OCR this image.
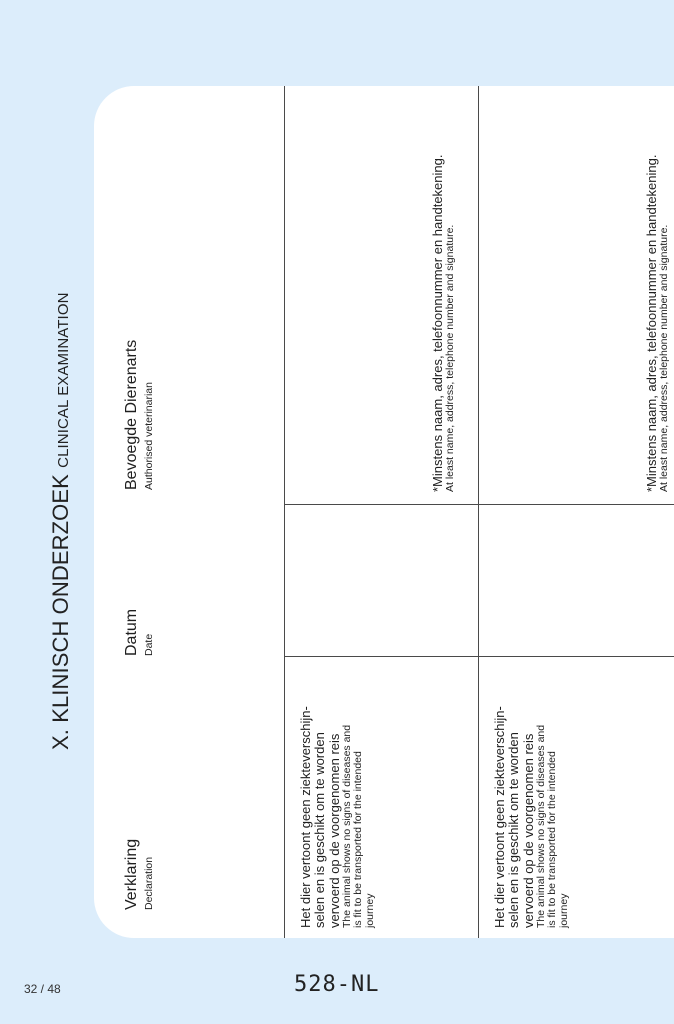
X. KLINISCH ONDERZOEK CLINICAL EXAMINATION
Verklaring Declaration
Datum Date
Bevoegde Dierenarts Authorised veterinarian
Het dier vertoont geen ziekteverschijn- selen en is geschikt om te worden vervoerd op de voorgenomen reis The animal shows no signs of diseases and is fit to be transported for the intended journey
*Minstens naam, adres, telefoonnummer en handtekening. At least name, address, telephone number and signature.
Het dier vertoont geen ziekteverschijn- selen en is geschikt om te worden vervoerd op de voorgenomen reis The animal shows no signs of diseases and is fit to be transported for the intended journey
*Minstens naam, adres, telefoonnummer en handtekening. At least name, address, telephone number and signature.
32 / 48	528-NL
